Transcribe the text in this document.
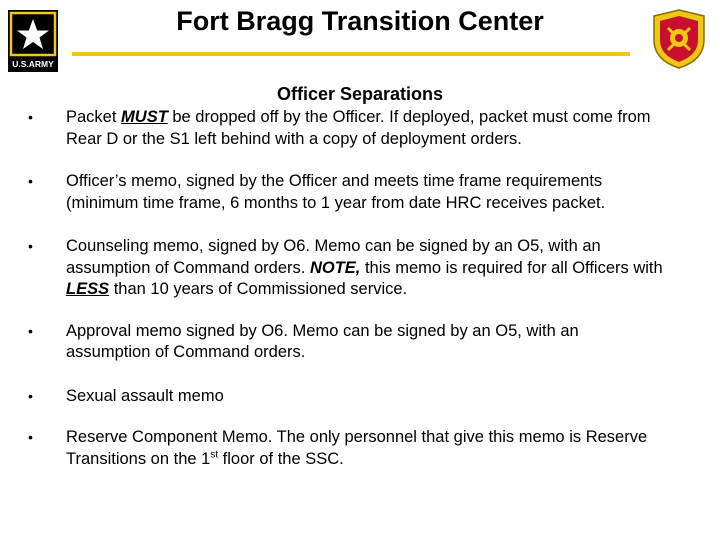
U.S.ARMY
Fort Bragg Transition Center
Officer Separations
• Packet MUST be dropped off by the Officer. If deployed, packet must come from Rear D or the S1 left behind with a copy of deployment orders.
• Officer’s memo, signed by the Officer and meets time frame requirements (minimum time frame, 6 months to 1 year from date HRC receives packet.
• Counseling memo, signed by O6. Memo can be signed by an O5, with an assumption of Command orders. NOTE, this memo is required for all Officers with LESS than 10 years of Commissioned service.
• Approval memo signed by O6. Memo can be signed by an O5, with an assumption of Command orders.
• Sexual assault memo
• Reserve Component Memo. The only personnel that give this memo is Reserve Transitions on the 1st floor of the SSC.
